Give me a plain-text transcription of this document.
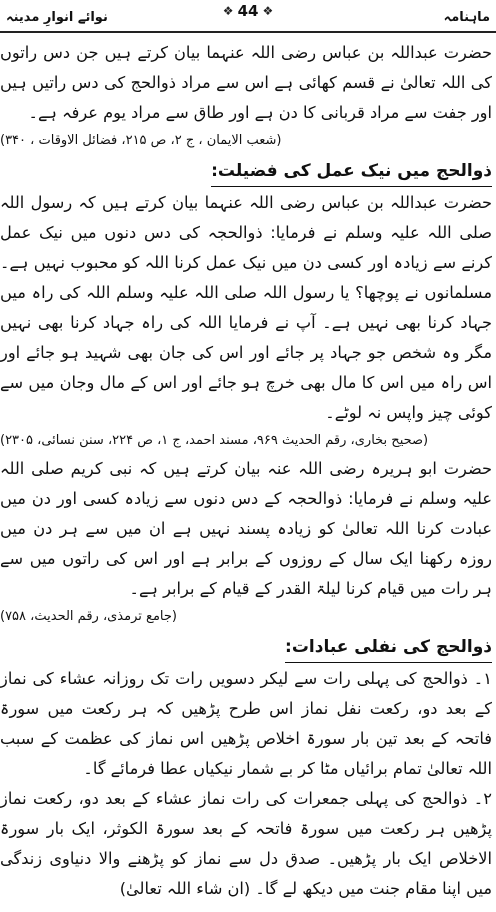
ماہنامہ
نوائے انوارِ مدینہ	❖
44
❖

حضرت عبداللہ بن عباس رضی اللہ عنہما بیان کرتے ہیں جن دس راتوں کی اللہ تعالیٰ نے قسم کھائی ہے اس سے مراد ذوالحج کی دس راتیں ہیں اور جفت سے مراد قربانی کا دن ہے اور طاق سے مراد یوم عرفہ ہے۔

(شعب الایمان ، ج ۲، ص ۲۱۵، فضائل الاوقات ، ۳۴۰)

ذوالحج میں نیک عمل کی فضیلت:

حضرت عبداللہ بن عباس رضی اللہ عنہما بیان کرتے ہیں کہ رسول اللہ صلی اللہ علیہ وسلم نے فرمایا: ذوالحجہ کی دس دنوں میں نیک عمل کرنے سے زیادہ اور کسی دن میں نیک عمل کرنا اللہ کو محبوب نہیں ہے۔ مسلمانوں نے پوچھا؟ یا رسول اللہ صلی اللہ علیہ وسلم اللہ کی راہ میں جہاد کرنا بھی نہیں ہے۔ آپ نے فرمایا اللہ کی راہ جہاد کرنا بھی نہیں مگر وہ شخص جو جہاد پر جائے اور اس کی جان بھی شہید ہو جائے اور اس راہ میں اس کا مال بھی خرچ ہو جائے اور اس کے مال وجان میں سے کوئی چیز واپس نہ لوٹے۔

(صحیح بخاری، رقم الحدیث ۹۶۹، مسند احمد، ج ۱، ص ۲۲۴، سنن نسائی، ۲۳۰۵)

حضرت ابو ہریرہ رضی اللہ عنہ بیان کرتے ہیں کہ نبی کریم صلی اللہ علیہ وسلم نے فرمایا: ذوالحجہ کے دس دنوں سے زیادہ کسی اور دن میں عبادت کرنا اللہ تعالیٰ کو زیادہ پسند نہیں ہے ان میں سے ہر دن میں روزہ رکھنا ایک سال کے روزوں کے برابر ہے اور اس کی راتوں میں سے ہر رات میں قیام کرنا لیلۃ القدر کے قیام کے برابر ہے۔

(جامع ترمذی، رقم الحدیث، ۷۵۸)

ذوالحج کی نفلی عبادات:

۱۔ ذوالحج کی پہلی رات سے لیکر دسویں رات تک روزانہ عشاء کی نماز کے بعد دو، رکعت نفل نماز اس طرح پڑھیں کہ ہر رکعت میں سورۃ فاتحہ کے بعد تین بار سورۃ اخلاص پڑھیں اس نماز کی عظمت کے سبب اللہ تعالیٰ تمام برائیاں مٹا کر بے شمار نیکیاں عطا فرمائے گا۔

۲۔ ذوالحج کی پہلی جمعرات کی رات نماز عشاء کے بعد دو، رکعت نماز پڑھیں ہر رکعت میں سورۃ فاتحہ کے بعد سورۃ الکوثر، ایک بار سورۃ الاخلاص ایک بار پڑھیں۔ صدق دل سے نماز کو پڑھنے والا دنیاوی زندگی میں اپنا مقام جنت میں دیکھ لے گا۔ (ان شاء اللہ تعالیٰ)
